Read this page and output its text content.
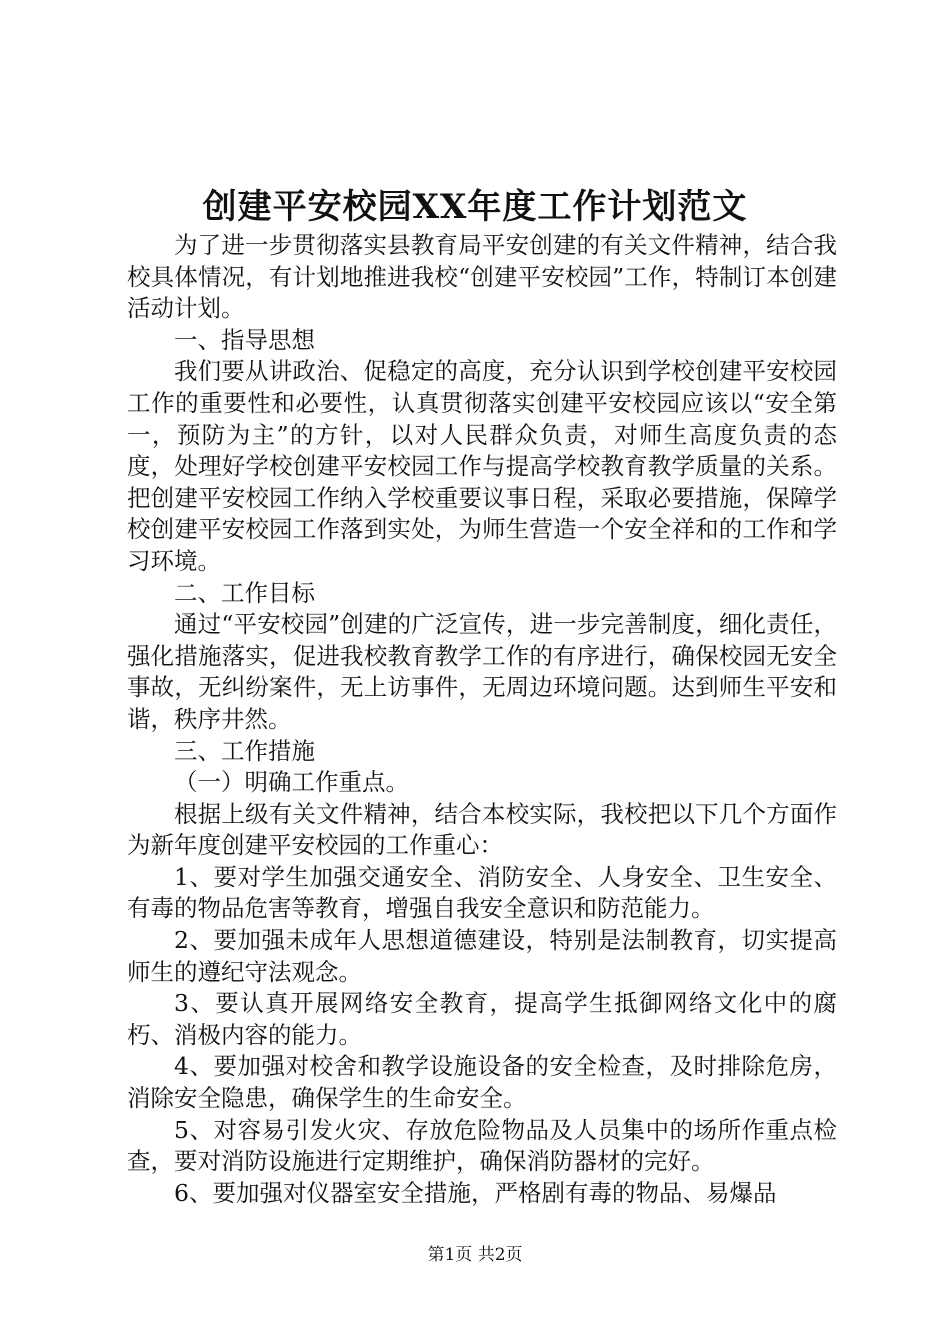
创建平安校园XX年度工作计划范文

为了进一步贯彻落实县教育局平安创建的有关文件精神，结合我校具体情况，有计划地推进我校“创建平安校园”工作，特制订本创建活动计划。

一、指导思想

我们要从讲政治、促稳定的高度，充分认识到学校创建平安校园工作的重要性和必要性，认真贯彻落实创建平安校园应该以“安全第一，预防为主”的方针，以对人民群众负责，对师生高度负责的态度，处理好学校创建平安校园工作与提高学校教育教学质量的关系。把创建平安校园工作纳入学校重要议事日程，采取必要措施，保障学校创建平安校园工作落到实处，为师生营造一个安全祥和的工作和学习环境。

二、工作目标

通过“平安校园”创建的广泛宣传，进一步完善制度，细化责任，强化措施落实，促进我校教育教学工作的有序进行，确保校园无安全事故，无纠纷案件，无上访事件，无周边环境问题。达到师生平安和谐，秩序井然。

三、工作措施

（一）明确工作重点。

根据上级有关文件精神，结合本校实际，我校把以下几个方面作为新年度创建平安校园的工作重心：

1、要对学生加强交通安全、消防安全、人身安全、卫生安全、有毒的物品危害等教育，增强自我安全意识和防范能力。

2、要加强未成年人思想道德建设，特别是法制教育，切实提高师生的遵纪守法观念。

3、要认真开展网络安全教育，提高学生抵御网络文化中的腐朽、消极内容的能力。

4、要加强对校舍和教学设施设备的安全检查，及时排除危房，消除安全隐患，确保学生的生命安全。

5、对容易引发火灾、存放危险物品及人员集中的场所作重点检查，要对消防设施进行定期维护，确保消防器材的完好。

6、要加强对仪器室安全措施，严格剧有毒的物品、易爆品

第1页 共2页
